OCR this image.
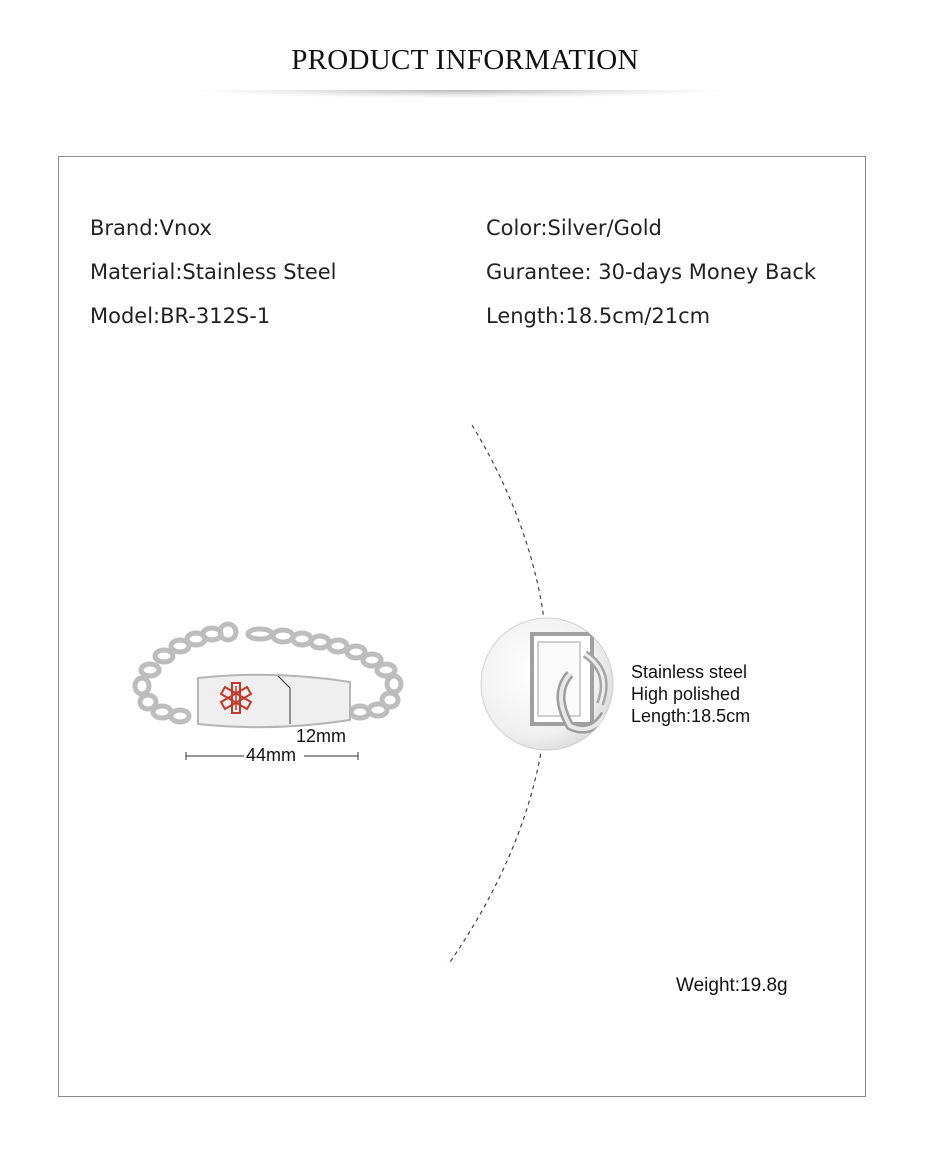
PRODUCT INFORMATION
Brand:Vnox
Material:Stainless Steel
Model:BR-312S-1
Color:Silver/Gold
Gurantee: 30-days Money Back
Length:18.5cm/21cm
12mm
44mm
Stainless steel
High polished
Length:18.5cm
Weight:19.8g
